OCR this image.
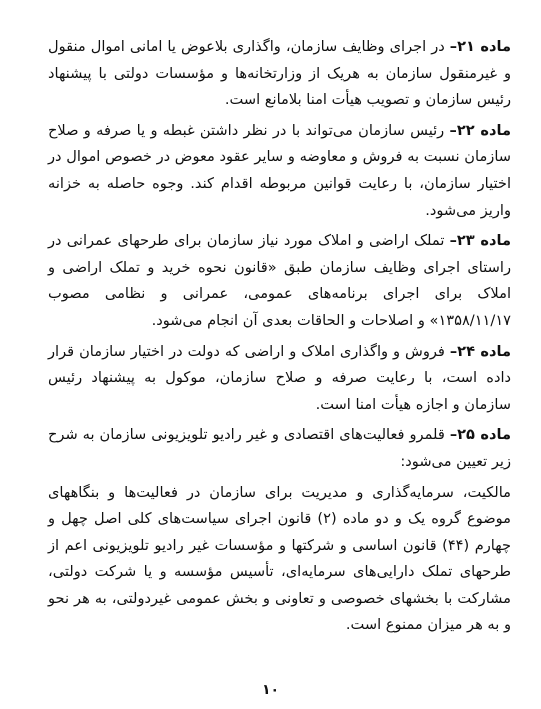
ماده ۲۱– در اجرای وظایف سازمان، واگذاری بلاعوض یا امانی اموال منقول و غیرمنقول سازمان به هریک از وزارتخانه‌ها و مؤسسات دولتی با پیشنهاد رئیس سازمان و تصویب هیأت امنا بلامانع است.

ماده ۲۲– رئیس سازمان می‌تواند با در نظر داشتن غبطه و یا صرفه و صلاح سازمان نسبت به فروش و معاوضه و سایر عقود معوض در خصوص اموال در اختیار سازمان، با رعایت قوانین مربوطه اقدام کند. وجوه حاصله به خزانه واریز می‌شود.

ماده ۲۳– تملک اراضی و املاک مورد نیاز سازمان برای طرحهای عمرانی در راستای اجرای وظایف سازمان طبق «قانون نحوه خرید و تملک اراضی و املاک برای اجرای برنامه‌های عمومی، عمرانی و نظامی مصوب ۱۳۵۸/۱۱/۱۷» و اصلاحات و الحاقات بعدی آن انجام می‌شود.

ماده ۲۴– فروش و واگذاری املاک و اراضی که دولت در اختیار سازمان قرار داده است، با رعایت صرفه و صلاح سازمان، موکول به پیشنهاد رئیس سازمان و اجازه هیأت امنا است.

ماده ۲۵– قلمرو فعالیت‌های اقتصادی و غیر رادیو تلویزیونی سازمان به شرح زیر تعیین می‌شود:

مالکیت، سرمایه‌گذاری و مدیریت برای سازمان در فعالیت‌ها و بنگاههای موضوع گروه یک و دو ماده (۲) قانون اجرای سیاست‌های کلی اصل چهل و چهارم (۴۴) قانون اساسی و شرکتها و مؤسسات غیر رادیو تلویزیونی اعم از طرحهای تملک دارایی‌های سرمایه‌ای، تأسیس مؤسسه و یا شرکت دولتی، مشارکت با بخشهای خصوصی و تعاونی و بخش عمومی غیردولتی، به هر نحو و به هر میزان ممنوع است.

۱۰
